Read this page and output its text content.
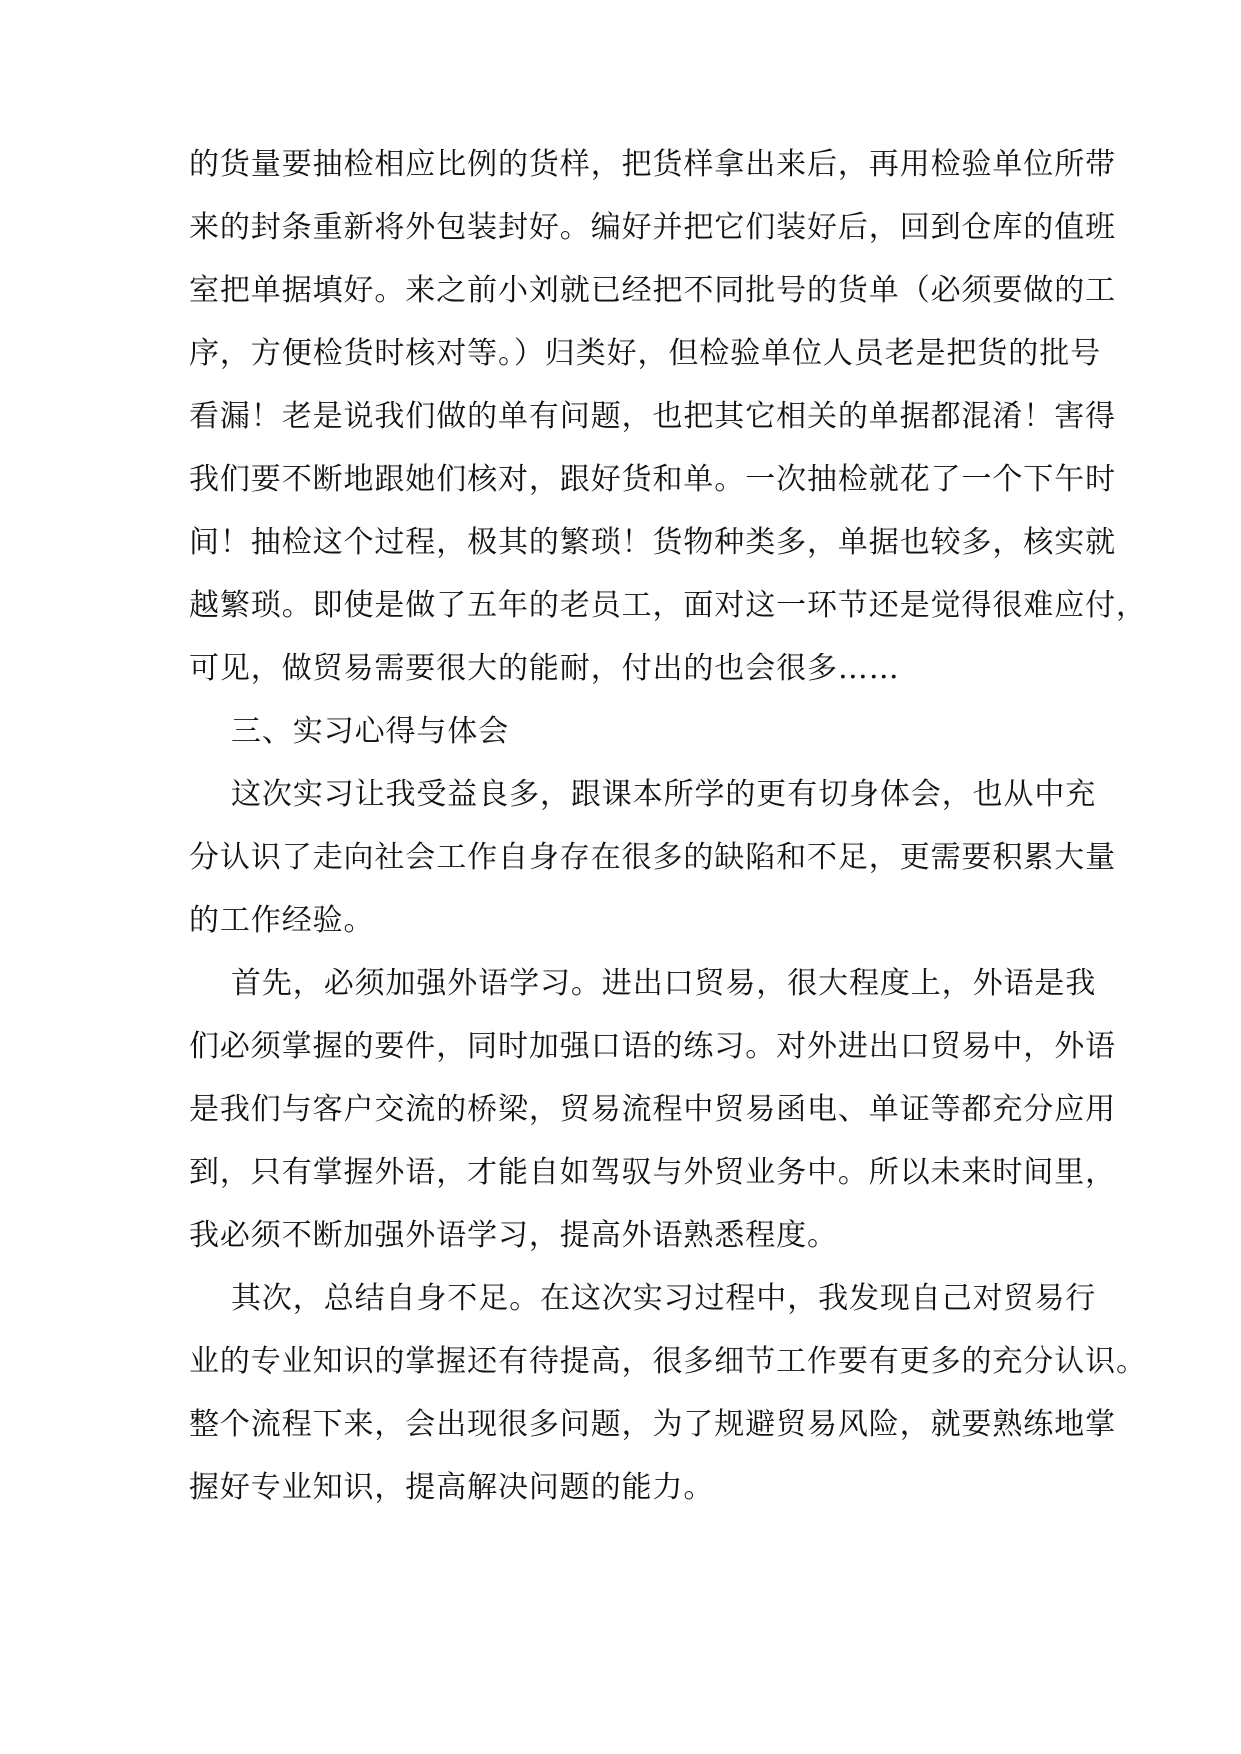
的货量要抽检相应比例的货样，把货样拿出来后，再用检验单位所带
来的封条重新将外包装封好。编好并把它们装好后，回到仓库的值班
室把单据填好。来之前小刘就已经把不同批号的货单（必须要做的工
序，方便检货时核对等。）归类好，但检验单位人员老是把货的批号
看漏！老是说我们做的单有问题，也把其它相关的单据都混淆！害得
我们要不断地跟她们核对，跟好货和单。一次抽检就花了一个下午时
间！抽检这个过程，极其的繁琐！货物种类多，单据也较多，核实就
越繁琐。即使是做了五年的老员工，面对这一环节还是觉得很难应付，
可见，做贸易需要很大的能耐，付出的也会很多……
三、实习心得与体会
这次实习让我受益良多，跟课本所学的更有切身体会，也从中充
分认识了走向社会工作自身存在很多的缺陷和不足，更需要积累大量
的工作经验。
首先，必须加强外语学习。进出口贸易，很大程度上，外语是我
们必须掌握的要件，同时加强口语的练习。对外进出口贸易中，外语
是我们与客户交流的桥梁，贸易流程中贸易函电、单证等都充分应用
到，只有掌握外语，才能自如驾驭与外贸业务中。所以未来时间里，
我必须不断加强外语学习，提高外语熟悉程度。
其次，总结自身不足。在这次实习过程中，我发现自己对贸易行
业的专业知识的掌握还有待提高，很多细节工作要有更多的充分认识。
整个流程下来，会出现很多问题，为了规避贸易风险，就要熟练地掌
握好专业知识，提高解决问题的能力。
